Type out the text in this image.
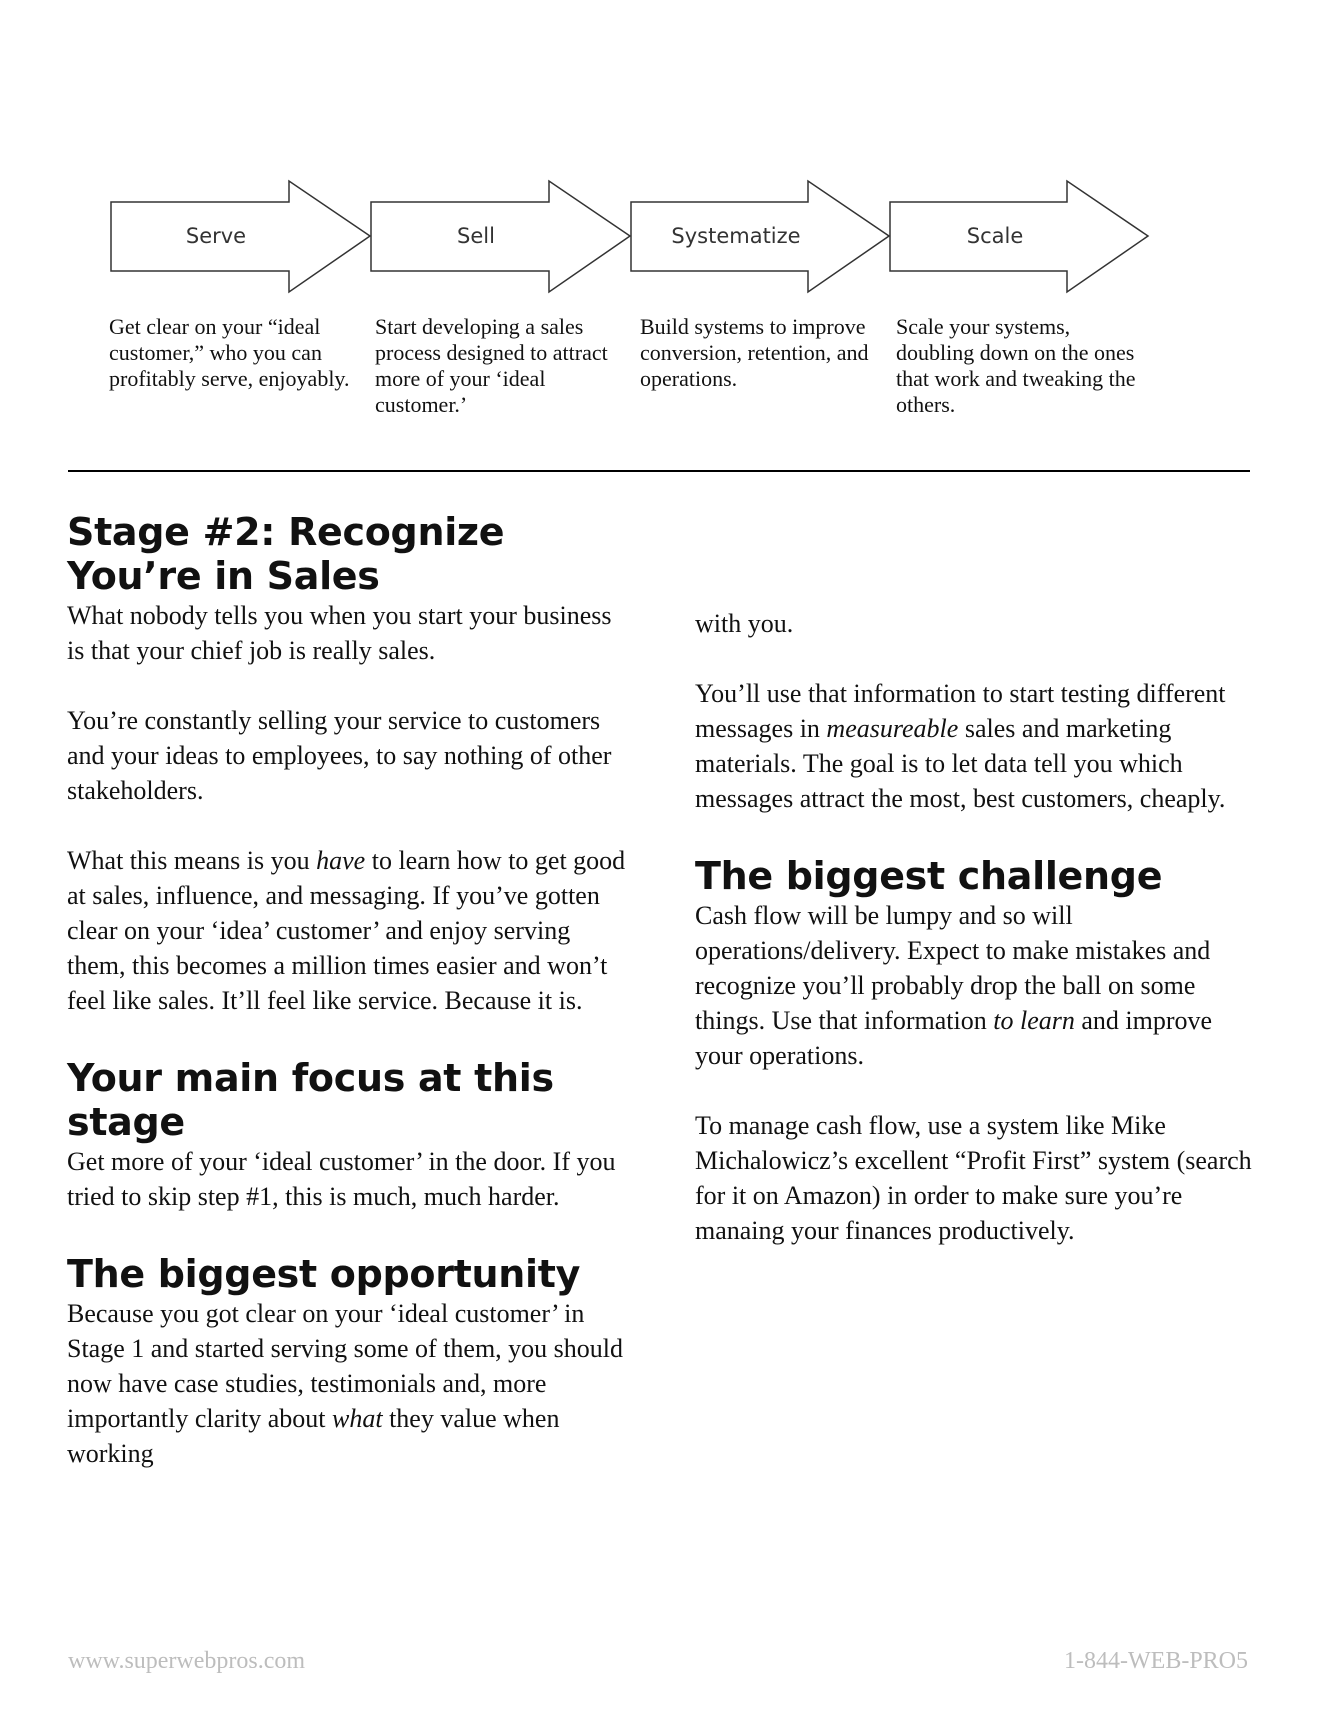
Serve	Sell	Systematize	Scale
Get clear on your “ideal customer,” who you can profitably serve, enjoyably.
Start developing a sales process designed to attract more of your ‘ideal customer.’
Build systems to improve conversion, retention, and operations.
Scale your systems, doubling down on the ones that work and tweaking the others.
Stage #2: Recognize You’re in Sales

What nobody tells you when you start your business is that your chief job is really sales.

You’re constantly selling your service to customers and your ideas to employees, to say nothing of other stakeholders.

What this means is you have to learn how to get good at sales, influence, and messaging. If you’ve gotten clear on your ‘idea’ customer’ and enjoy serving them, this becomes a million times easier and won’t feel like sales. It’ll feel like service. Because it is.

Your main focus at this stage

Get more of your ‘ideal customer’ in the door. If you tried to skip step #1, this is much, much harder.

The biggest opportunity

Because you got clear on your ‘ideal customer’ in Stage 1 and started serving some of them, you should now have case studies, testimonials and, more importantly clarity about what they value when working

with you.

You’ll use that information to start testing different messages in measureable sales and marketing materials. The goal is to let data tell you which messages attract the most, best customers, cheaply.

The biggest challenge

Cash flow will be lumpy and so will operations/delivery. Expect to make mistakes and recognize you’ll probably drop the ball on some things. Use that information to learn and improve your operations.

To manage cash flow, use a system like Mike Michalowicz’s excellent “Profit First” system (search for it on Amazon) in order to make sure you’re manaing your finances productively.

www.superwebpros.com	1-844-WEB-PRO5
